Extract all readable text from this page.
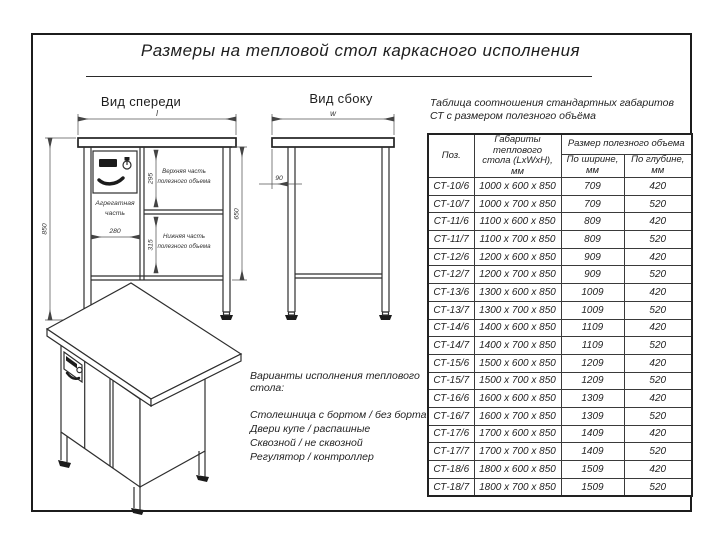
Размеры на тепловой стол каркасного исполнения
Вид спереди	Вид сбоку
l
Агрегатная
часть
280
Верхняя часть
полезного объема
Нижняя часть
полезного объема
295
315
650
850
w
90
Варианты исполнения теплового стола:
Столешница с бортом / без борта
Двери купе / распашные
Сквозной / не сквозной
Регулятор / контроллер
Таблица соотношения стандартных габаритов
СТ с размером полезного объёма
Поз.	Габариты теплового
стола (LxWxH), мм	Размер полезного объема	
		По ширине, мм	По глубине, мм
СТ-10/6	1000 x 600 x 850	709	420
СТ-10/7	1000 x 700 x 850	709	520
СТ-11/6	1100 x 600 x 850	809	420
СТ-11/7	1100 x 700 x 850	809	520
СТ-12/6	1200 x 600 x 850	909	420
СТ-12/7	1200 x 700 x 850	909	520
СТ-13/6	1300 x 600 x 850	1009	420
СТ-13/7	1300 x 700 x 850	1009	520
СТ-14/6	1400 x 600 x 850	1109	420
СТ-14/7	1400 x 700 x 850	1109	520
СТ-15/6	1500 x 600 x 850	1209	420
СТ-15/7	1500 x 700 x 850	1209	520
СТ-16/6	1600 x 600 x 850	1309	420
СТ-16/7	1600 x 700 x 850	1309	520
СТ-17/6	1700 x 600 x 850	1409	420
СТ-17/7	1700 x 700 x 850	1409	520
СТ-18/6	1800 x 600 x 850	1509	420
СТ-18/7	1800 x 700 x 850	1509	520
